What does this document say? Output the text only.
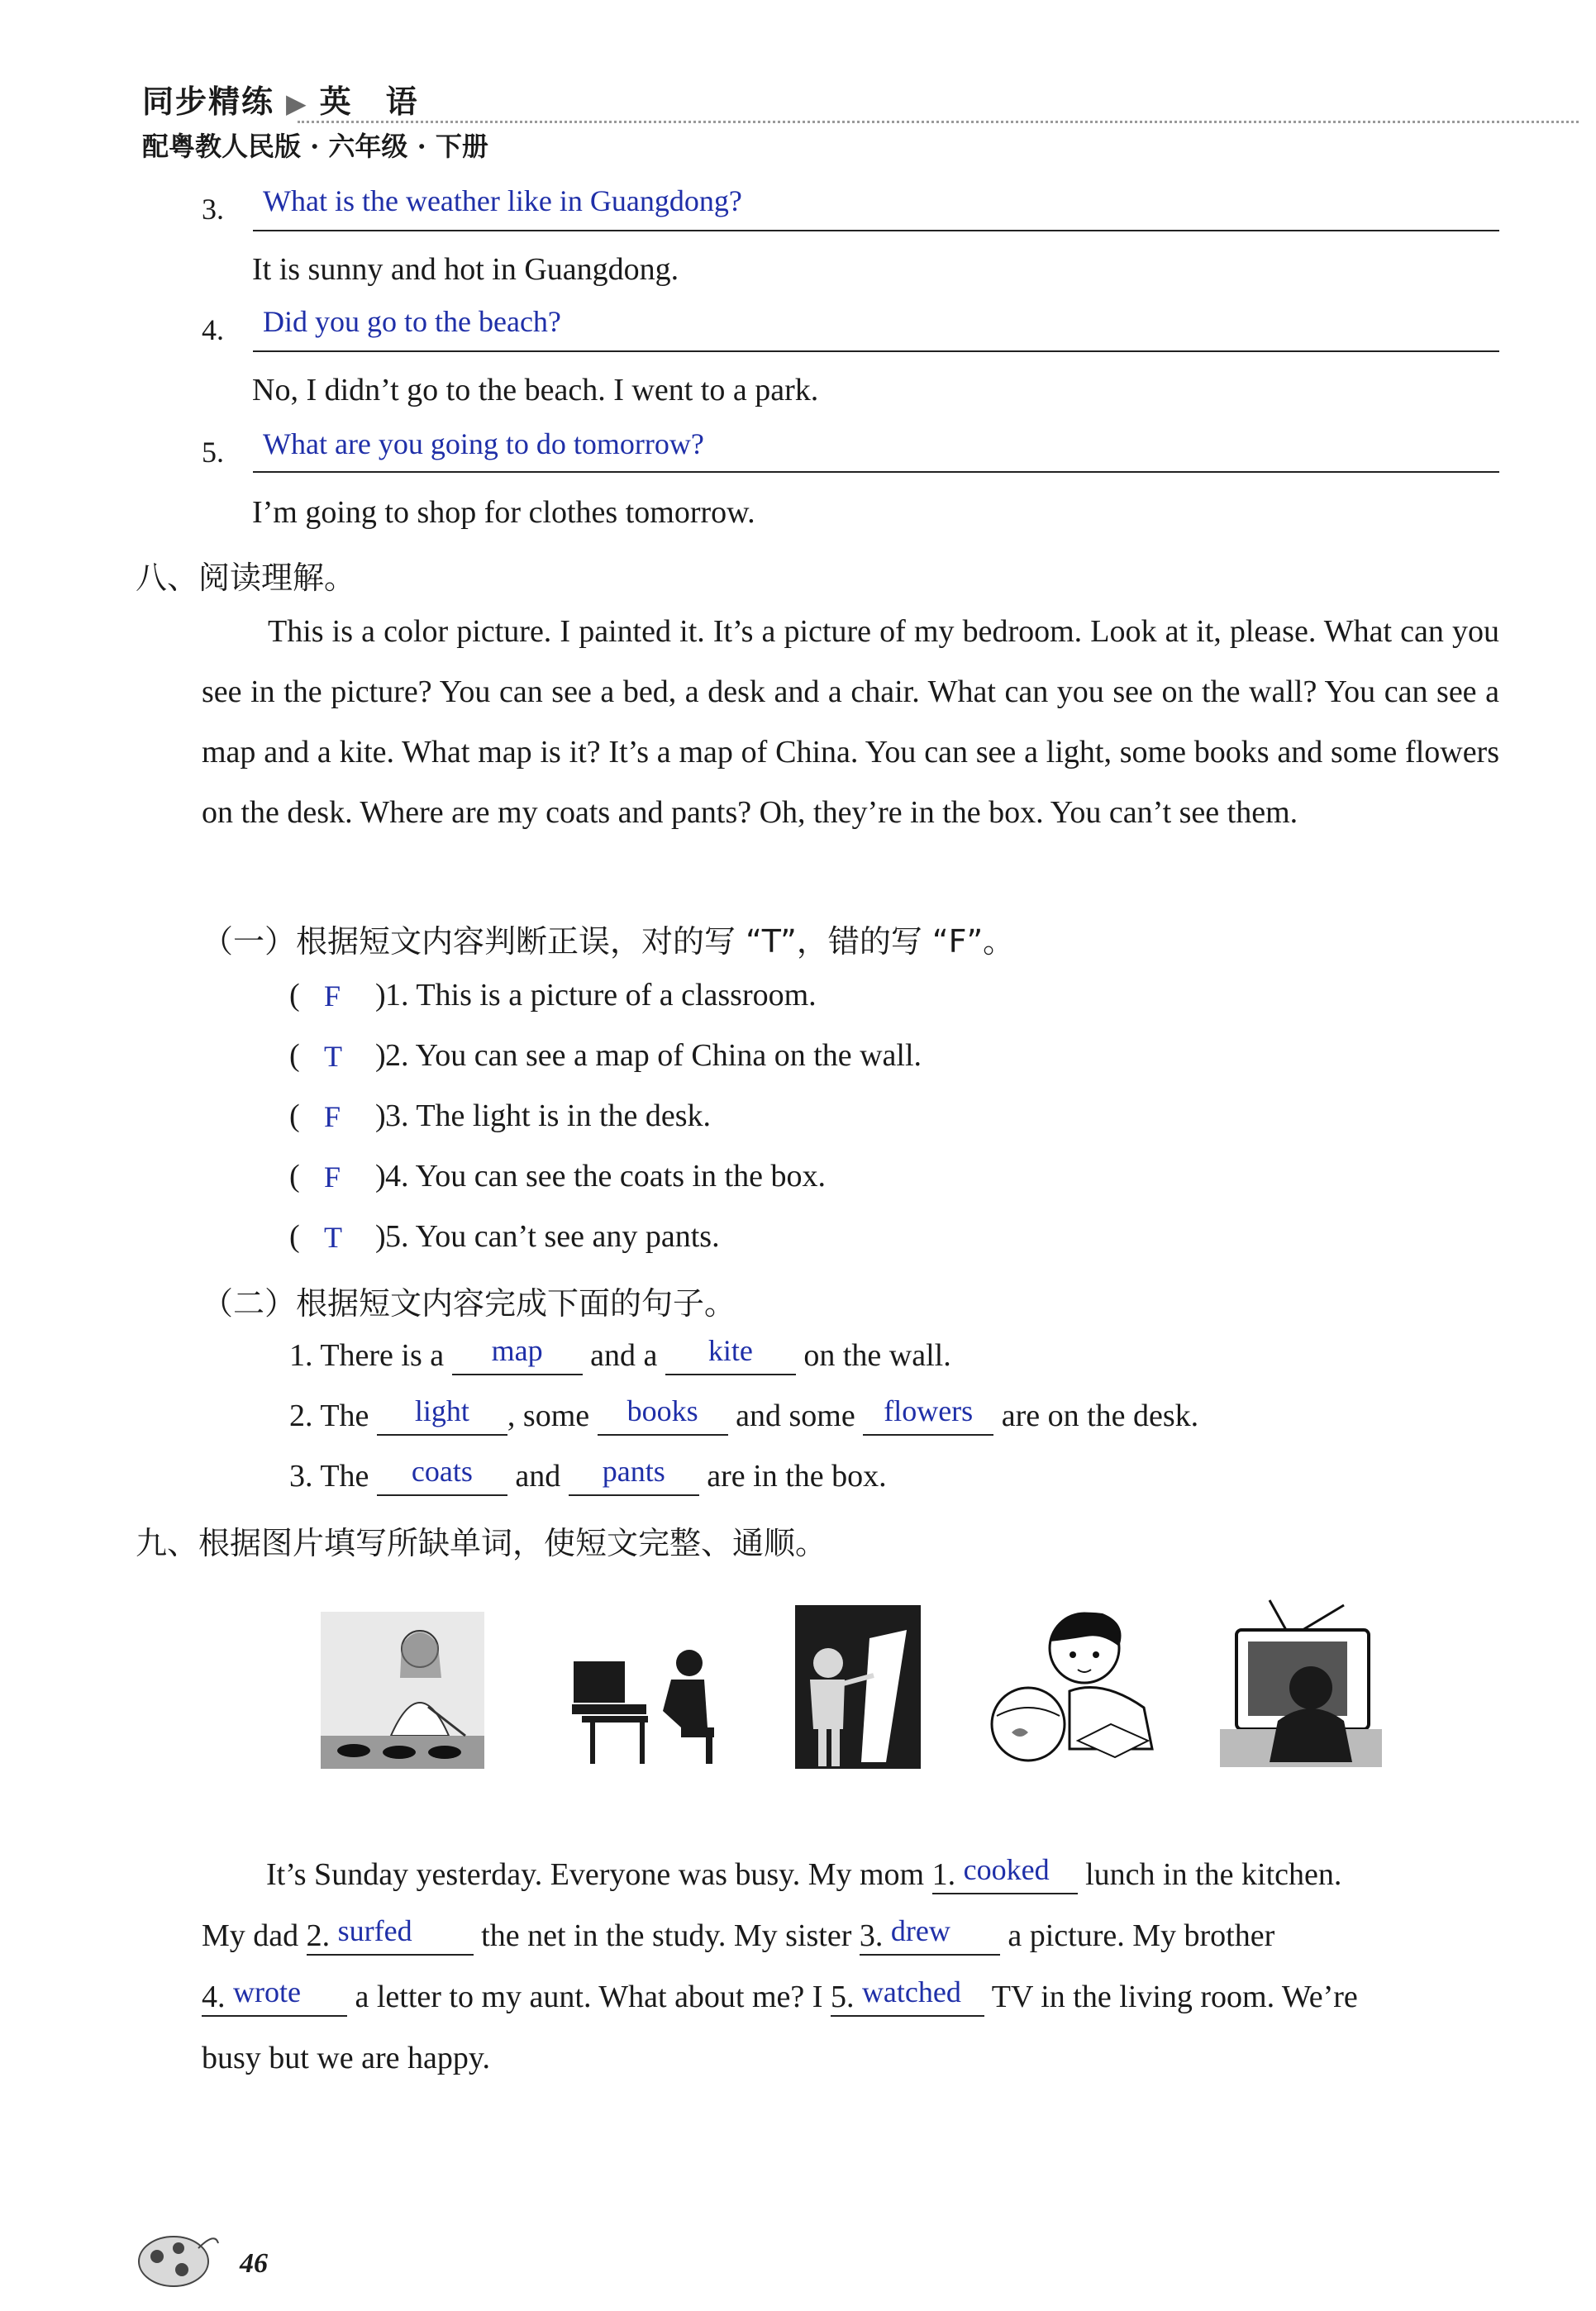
同步精练 ▶ 英　语
配粤教人民版 · 六年级 · 下册
3. What is the weather like in Guangdong?
It is sunny and hot in Guangdong.
4. Did you go to the beach?
No, I didn’t go to the beach. I went to a park.
5. What are you going to do tomorrow?
I’m going to shop for clothes tomorrow.
八、阅读理解。

This is a color picture. I painted it. It’s a picture of my bedroom. Look at it, please. What can you see in the picture? You can see a bed, a desk and a chair. What can you see on the wall? You can see a map and a kite. What map is it? It’s a map of China. You can see a light, some books and some flowers on the desk. Where are my coats and pants? Oh, they’re in the box. You can’t see them.

（一）根据短文内容判断正误，对的写 “T”，错的写 “F”。
( F ) 1. This is a picture of a classroom.
( T ) 2. You can see a map of China on the wall.
( F ) 3. The light is in the desk.
( F ) 4. You can see the coats in the box.
( T ) 5. You can’t see any pants.
（二）根据短文内容完成下面的句子。
1. There is a map and a kite on the wall.
2. The light , some books and some flowers are on the desk.
3. The coats and pants are in the box.
九、根据图片填写所缺单词，使短文完整、通顺。
It’s Sunday yesterday. Everyone was busy. My mom 1. cooked lunch in the kitchen.
My dad 2. surfed the net in the study. My sister 3. drew a picture. My brother
4. wrote a letter to my aunt. What about me? I 5. watched TV in the living room. We’re
busy but we are happy.
46
